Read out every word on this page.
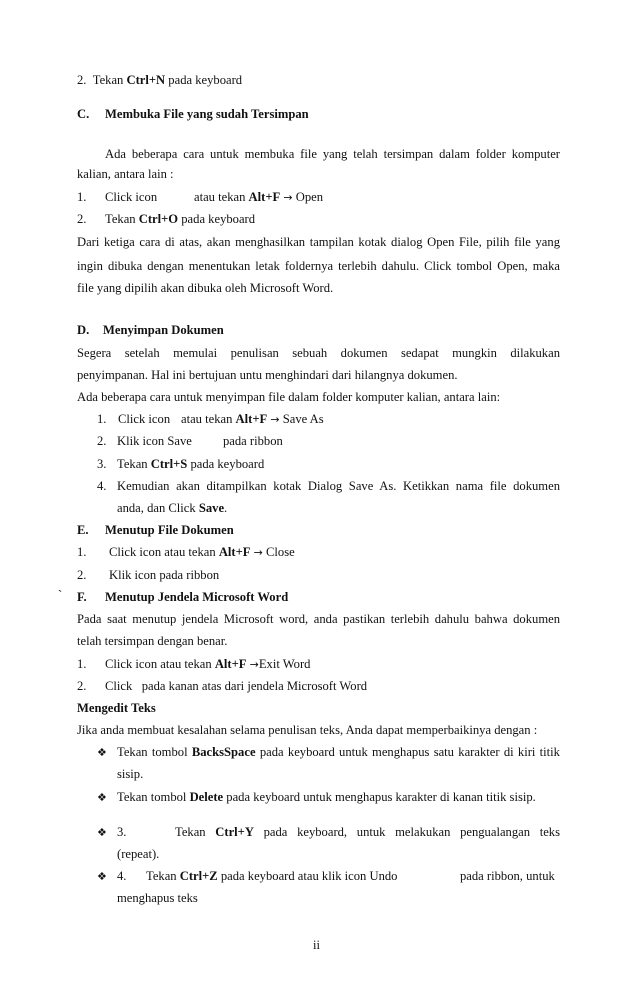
2. Tekan Ctrl+N pada keyboard
C. Membuka File yang sudah Tersimpan
Ada beberapa cara untuk membuka file yang telah tersimpan dalam folder komputer
kalian, antara lain :
1. Click icon	atau tekan Alt+F → Open
2. Tekan Ctrl+O pada keyboard
Dari ketiga cara di atas, akan menghasilkan tampilan kotak dialog Open File, pilih file yang
ingin dibuka dengan menentukan letak foldernya terlebih dahulu. Click tombol Open, maka
file yang dipilih akan dibuka oleh Microsoft Word.
D. Menyimpan Dokumen
Segera setelah memulai penulisan sebuah dokumen sedapat mungkin dilakukan
penyimpanan. Hal ini bertujuan untu menghindari dari hilangnya dokumen.
Ada beberapa cara untuk menyimpan file dalam folder komputer kalian, antara lain:
1. Click icon atau tekan Alt+F → Save As
2. Klik icon Save pada ribbon
3. Tekan Ctrl+S pada keyboard
4. Kemudian akan ditampilkan kotak Dialog Save As. Ketikkan nama file dokumen
anda, dan Click Save.
E. Menutup File Dokumen
1. Click icon atau tekan Alt+F → Close
2. Klik icon pada ribbon
` F. Menutup Jendela Microsoft Word
Pada saat menutup jendela Microsoft word, anda pastikan terlebih dahulu bahwa dokumen
telah tersimpan dengan benar.
1. Click icon atau tekan Alt+F →Exit Word
2. Click   pada kanan atas dari jendela Microsoft Word
Mengedit Teks
Jika anda membuat kesalahan selama penulisan teks, Anda dapat memperbaikinya dengan :
❖ Tekan tombol BacksSpace pada keyboard untuk menghapus satu karakter di kiri titik
sisip.
❖ Tekan tombol Delete pada keyboard untuk menghapus karakter di kanan titik sisip.
❖ 3.	Tekan Ctrl+Y pada keyboard, untuk melakukan pengualangan teks
(repeat).
❖ 4. Tekan Ctrl+Z pada keyboard atau klik icon Undo	pada ribbon, untuk
menghapus teks
ii
